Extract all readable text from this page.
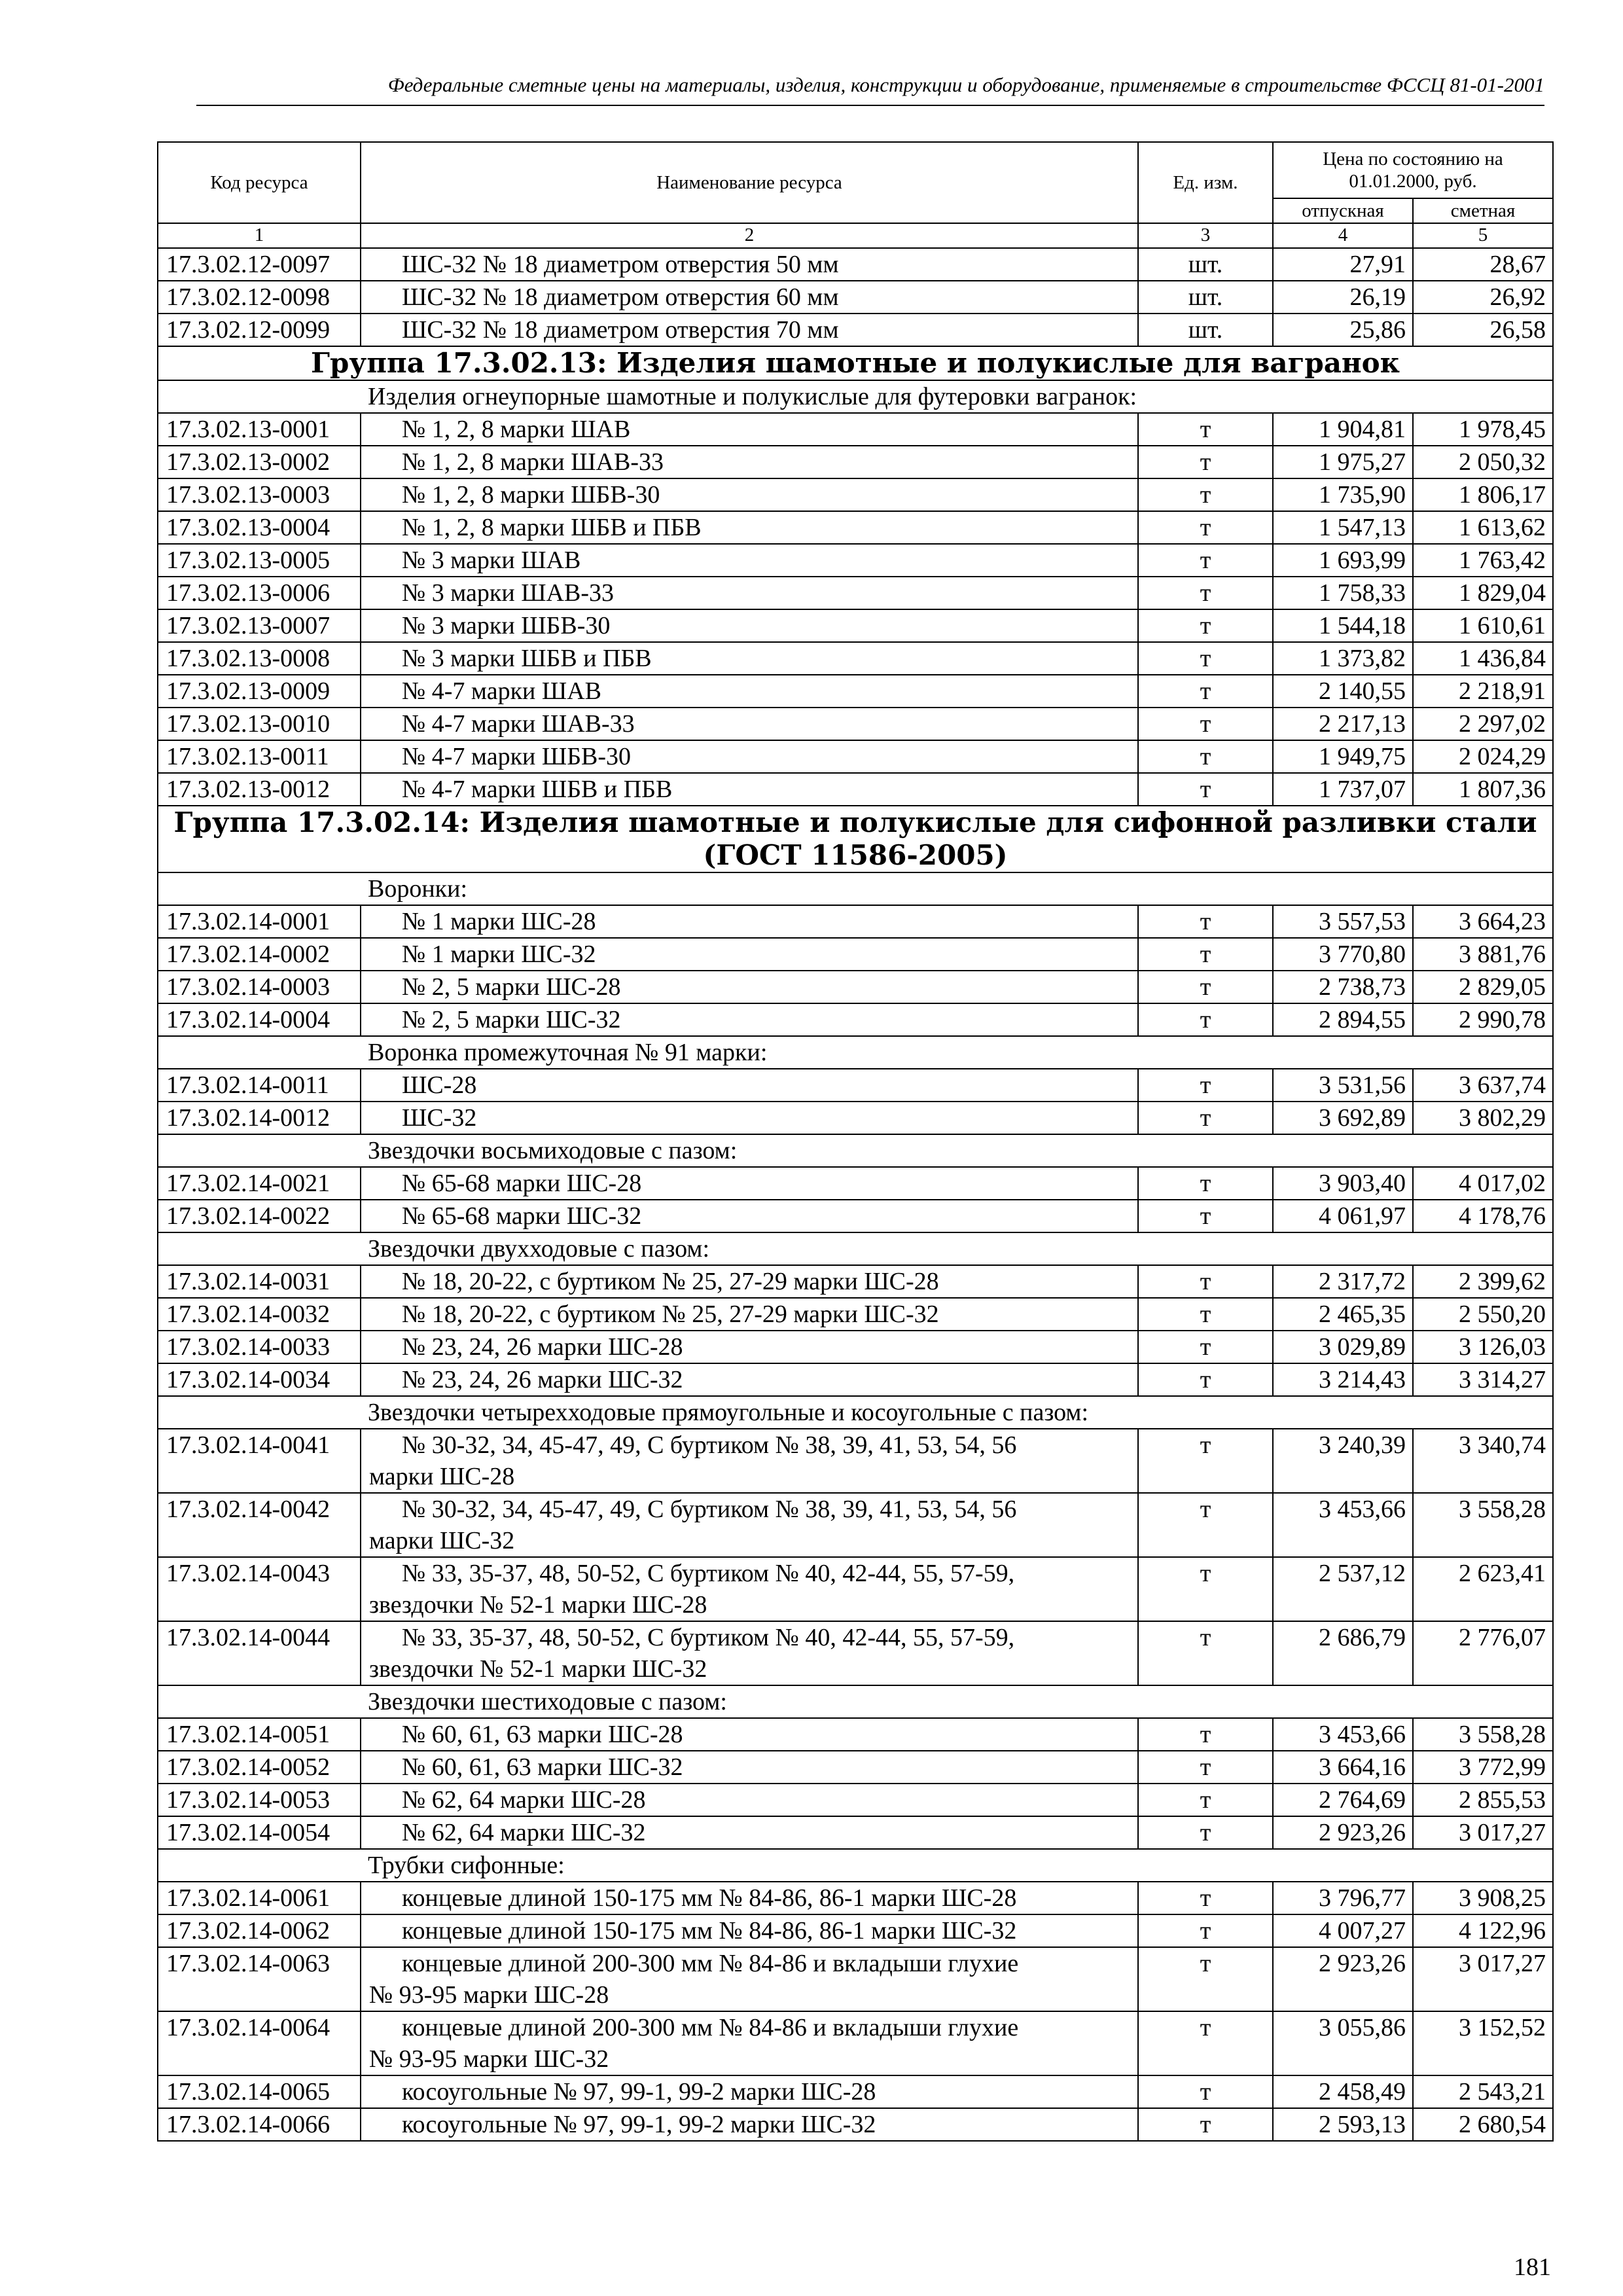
Федеральные сметные цены на материалы, изделия, конструкции и оборудование, применяемые в строительстве ФССЦ 81-01-2001
Код ресурса	Наименование ресурса	Ед. изм.	Цена по состоянию на 01.01.2000, руб.	
			отпускная	сметная
1	2	3	4	5
17.3.02.12-0097	ШС-32 № 18 диаметром отверстия 50 мм	шт.	27,91	28,67
17.3.02.12-0098	ШС-32 № 18 диаметром отверстия 60 мм	шт.	26,19	26,92
17.3.02.12-0099	ШС-32 № 18 диаметром отверстия 70 мм	шт.	25,86	26,58
Группа 17.3.02.13: Изделия шамотные и полукислые для вагранок				
Изделия огнеупорные шамотные и полукислые для футеровки вагранок:				
17.3.02.13-0001	№ 1, 2, 8 марки ШАВ	т	1 904,81	1 978,45
17.3.02.13-0002	№ 1, 2, 8 марки ШАВ-33	т	1 975,27	2 050,32
17.3.02.13-0003	№ 1, 2, 8 марки ШБВ-30	т	1 735,90	1 806,17
17.3.02.13-0004	№ 1, 2, 8 марки ШБВ и ПБВ	т	1 547,13	1 613,62
17.3.02.13-0005	№ 3 марки ШАВ	т	1 693,99	1 763,42
17.3.02.13-0006	№ 3 марки ШАВ-33	т	1 758,33	1 829,04
17.3.02.13-0007	№ 3 марки ШБВ-30	т	1 544,18	1 610,61
17.3.02.13-0008	№ 3 марки ШБВ и ПБВ	т	1 373,82	1 436,84
17.3.02.13-0009	№ 4-7 марки ШАВ	т	2 140,55	2 218,91
17.3.02.13-0010	№ 4-7 марки ШАВ-33	т	2 217,13	2 297,02
17.3.02.13-0011	№ 4-7 марки ШБВ-30	т	1 949,75	2 024,29
17.3.02.13-0012	№ 4-7 марки ШБВ и ПБВ	т	1 737,07	1 807,36
Группа 17.3.02.14: Изделия шамотные и полукислые для сифонной разливки стали (ГОСТ 11586-2005)				
Воронки:				
17.3.02.14-0001	№ 1 марки ШС-28	т	3 557,53	3 664,23
17.3.02.14-0002	№ 1 марки ШС-32	т	3 770,80	3 881,76
17.3.02.14-0003	№ 2, 5 марки ШС-28	т	2 738,73	2 829,05
17.3.02.14-0004	№ 2, 5 марки ШС-32	т	2 894,55	2 990,78
Воронка промежуточная № 91 марки:				
17.3.02.14-0011	ШС-28	т	3 531,56	3 637,74
17.3.02.14-0012	ШС-32	т	3 692,89	3 802,29
Звездочки восьмиходовые с пазом:				
17.3.02.14-0021	№ 65-68 марки ШС-28	т	3 903,40	4 017,02
17.3.02.14-0022	№ 65-68 марки ШС-32	т	4 061,97	4 178,76
Звездочки двухходовые с пазом:				
17.3.02.14-0031	№ 18, 20-22, с буртиком № 25, 27-29 марки ШС-28	т	2 317,72	2 399,62
17.3.02.14-0032	№ 18, 20-22, с буртиком № 25, 27-29 марки ШС-32	т	2 465,35	2 550,20
17.3.02.14-0033	№ 23, 24, 26 марки ШС-28	т	3 029,89	3 126,03
17.3.02.14-0034	№ 23, 24, 26 марки ШС-32	т	3 214,43	3 314,27
Звездочки четырехходовые прямоугольные и косоугольные с пазом:				
17.3.02.14-0041	№ 30-32, 34, 45-47, 49, С буртиком № 38, 39, 41, 53, 54, 56
марки ШС-28	т	3 240,39	3 340,74
17.3.02.14-0042	№ 30-32, 34, 45-47, 49, С буртиком № 38, 39, 41, 53, 54, 56
марки ШС-32	т	3 453,66	3 558,28
17.3.02.14-0043	№ 33, 35-37, 48, 50-52, С буртиком № 40, 42-44, 55, 57-59,
звездочки № 52-1 марки ШС-28	т	2 537,12	2 623,41
17.3.02.14-0044	№ 33, 35-37, 48, 50-52, С буртиком № 40, 42-44, 55, 57-59,
звездочки № 52-1 марки ШС-32	т	2 686,79	2 776,07
Звездочки шестиходовые с пазом:				
17.3.02.14-0051	№ 60, 61, 63 марки ШС-28	т	3 453,66	3 558,28
17.3.02.14-0052	№ 60, 61, 63 марки ШС-32	т	3 664,16	3 772,99
17.3.02.14-0053	№ 62, 64 марки ШС-28	т	2 764,69	2 855,53
17.3.02.14-0054	№ 62, 64 марки ШС-32	т	2 923,26	3 017,27
Трубки сифонные:				
17.3.02.14-0061	концевые длиной 150-175 мм № 84-86, 86-1 марки ШС-28	т	3 796,77	3 908,25
17.3.02.14-0062	концевые длиной 150-175 мм № 84-86, 86-1 марки ШС-32	т	4 007,27	4 122,96
17.3.02.14-0063	концевые длиной 200-300 мм № 84-86 и вкладыши глухие
№ 93-95 марки ШС-28	т	2 923,26	3 017,27
17.3.02.14-0064	концевые длиной 200-300 мм № 84-86 и вкладыши глухие
№ 93-95 марки ШС-32	т	3 055,86	3 152,52
17.3.02.14-0065	косоугольные № 97, 99-1, 99-2 марки ШС-28	т	2 458,49	2 543,21
17.3.02.14-0066	косоугольные № 97, 99-1, 99-2 марки ШС-32	т	2 593,13	2 680,54
181
